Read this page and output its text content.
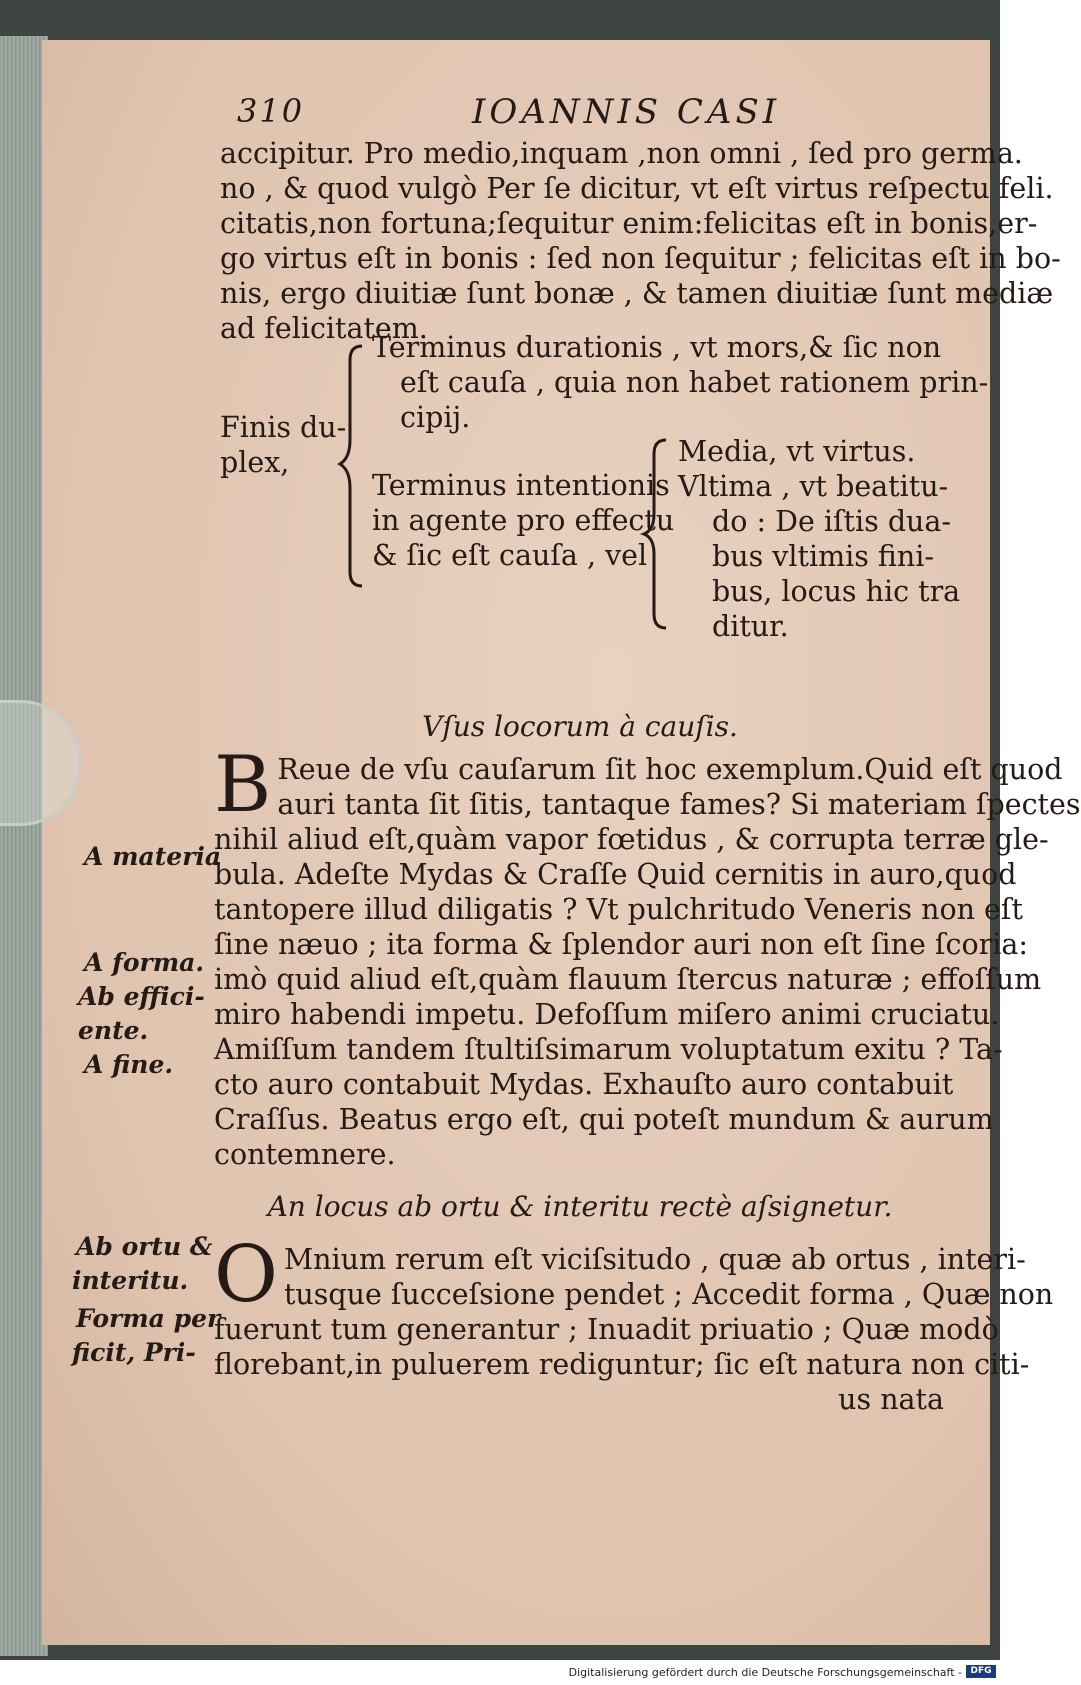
310	IOANNIS CASI
accipitur. Pro medio,inquam ,non omni , ſed pro germa.
no , & quod vulgò Per ſe dicitur, vt eſt virtus reſpectu feli.
citatis,non fortuna;ſequitur enim:felicitas eſt in bonis,er-
go virtus eſt in bonis : ſed non ſequitur ; felicitas eſt in bo-
nis, ergo diuitiæ ſunt bonæ , & tamen diuitiæ ſunt mediæ
ad felicitatem.
Finis du-
plex,
Terminus durationis , vt mors,& ſic non
eſt cauſa , quia non habet rationem prin-
cipij.
Terminus intentionis
in agente pro effectu
& ſic eſt cauſa , vel
Media, vt virtus.
Vltima , vt beatitu-
do : De iſtis dua-
bus vltimis fini-
bus, locus hic tra
ditur.
Vſus locorum à cauſis.
A materia
A forma.
Ab effici-
ente.
A fine.
B Reue de vſu cauſarum ſit hoc exemplum.Quid eſt quod
auri tanta ſit ſitis, tantaque fames? Si materiam ſpectes
nihil aliud eſt,quàm vapor fœtidus , & corrupta terræ gle-
bula. Adeſte Mydas & Craſſe Quid cernitis in auro,quod
tantopere illud diligatis ? Vt pulchritudo Veneris non eſt
ſine næuo ; ita forma & ſplendor auri non eſt ſine ſcoria:
imò quid aliud eſt,quàm flauum ſtercus naturæ ; effoſſum
miro habendi impetu. Defoſſum miſero animi cruciatu.
Amiſſum tandem ſtultiſsimarum voluptatum exitu ? Ta-
cto auro contabuit Mydas. Exhauſto auro contabuit
Craſſus. Beatus ergo eſt, qui poteſt mundum & aurum
contemnere.
An locus ab ortu & interitu rectè aſsignetur.
Ab ortu &
interitu.
Forma per
ficit, Pri-
O Mnium rerum eſt viciſsitudo , quæ ab ortus , interi-
tusque ſucceſsione pendet ; Accedit forma , Quæ non
fuerunt tum generantur ; Inuadit priuatio ; Quæ modò
florebant,in puluerem rediguntur; ſic eſt natura non citi-
us nata
Digitalisierung gefördert durch die Deutsche Forschungsgemeinschaft - DFG
